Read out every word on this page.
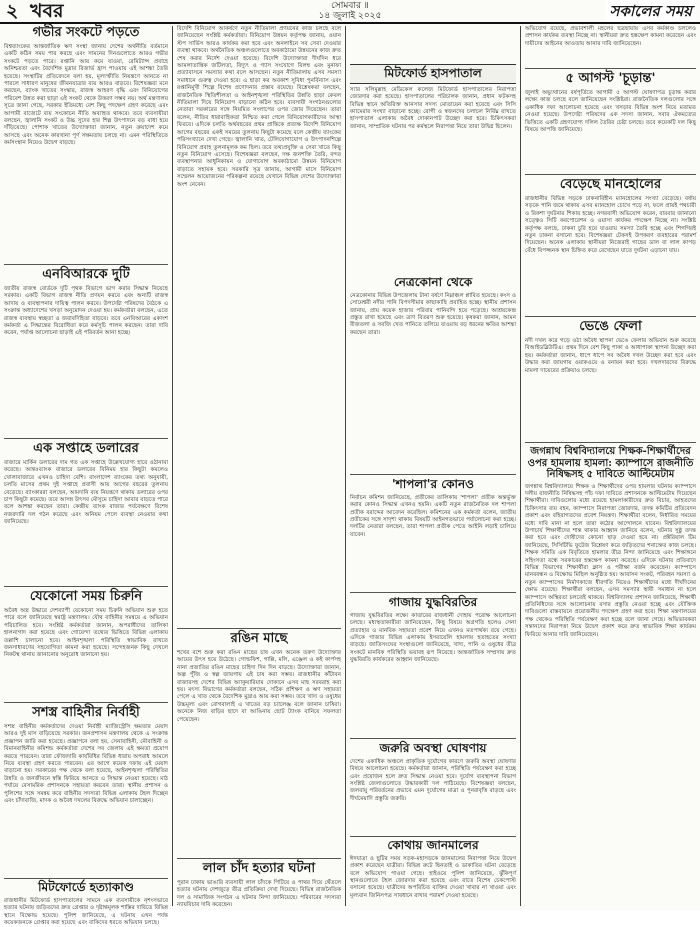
২ খবর	সোমবার ॥
১৪ জুলাই ২০২৫	সকালের সময়
গভীর সংকটে পড়তে
বিশ্বব্যাংকের আন্তর্জাতিক ঋণ সংস্থা জানায় দেশের অর্থনীতি বর্তমানে একটি কঠিন সময় পার করছে এবং সামনের দিনগুলোতে আরও গভীর সংকটে পড়তে পারে। রপ্তানি আয় কমে যাওয়া, রেমিট্যান্স প্রবাহে অনিশ্চয়তা এবং বৈদেশিক মুদ্রার রিজার্ভ হ্রাস পাওয়ায় এই আশঙ্কা তৈরি হয়েছে। সংস্থাটির প্রতিবেদনে বলা হয়, মূল্যস্ফীতি নিয়ন্ত্রণে আনতে না পারলে সাধারণ মানুষের জীবনযাত্রার ব্যয় আরও বাড়বে। বিশেষজ্ঞরা মনে করছেন, ব্যাংক খাতের সংস্কার, রাজস্ব আহরণ বৃদ্ধি এবং বিনিয়োগের পরিবেশ উন্নত করা ছাড়া এই সংকট থেকে উত্তরণ সম্ভব নয়। অর্থ মন্ত্রণালয় সূত্রে জানা গেছে, সরকার ইতিমধ্যে বেশ কিছু পদক্ষেপ গ্রহণ করেছে এবং আগামী বাজেটে ব্যয় সংকোচন নীতি অব্যাহত থাকবে। তবে ব্যবসায়ীরা বলছেন, জ্বালানি সংকট ও উচ্চ সুদের হার শিল্প উৎপাদনে বড় বাধা হয়ে দাঁড়িয়েছে। পোশাক খাতের উদ্যোক্তারা জানান, নতুন ক্রয়াদেশ কমে আসছে এবং অনেক কারখানা পূর্ণ সক্ষমতায় চলছে না। এমন পরিস্থিতিতে কর্মসংস্থান নিয়েও উদ্বেগ বাড়ছে।
এনবিআরকে দুটি
জাতীয় রাজস্ব বোর্ডকে দুটি পৃথক বিভাগে ভাগ করার সিদ্ধান্ত নিয়েছে সরকার। একটি বিভাগ রাজস্ব নীতি প্রণয়ন করবে এবং অন্যটি রাজস্ব আদায় ও ব্যবস্থাপনার দায়িত্ব পালন করবে। উপদেষ্টা পরিষদের বৈঠকে এ সংক্রান্ত অধ্যাদেশের খসড়া অনুমোদন দেওয়া হয়। কর্মকর্তারা বলছেন, এতে রাজস্ব ব্যবস্থায় স্বচ্ছতা ও জবাবদিহিতা বাড়বে। তবে এনবিআরের একাংশ কর্মকর্তা এ সিদ্ধান্তের বিরোধিতা করে কর্মসূচি পালন করছেন। তারা দাবি করেন, পর্যাপ্ত আলোচনা ছাড়াই এই পরিবর্তন আনা হচ্ছে।
এক সপ্তাহে ডলারের
বাজারে মার্কিন ডলারের দাম গত এক সপ্তাহে উল্লেখযোগ্য হারে ওঠানামা করেছে। আন্তঃব্যাংক বাজারে ডলারের বিনিময় হার কিছুটা কমলেও খোলাবাজারে এখনও চাহিদা বেশি। বাংলাদেশ ব্যাংকের তথ্য অনুযায়ী, চলতি মাসের প্রথম দুই সপ্তাহে প্রবাসী আয় আগের বছরের তুলনায় বেড়েছে। ব্যাংকাররা বলছেন, আমদানি ব্যয় নিয়ন্ত্রণে থাকায় ডলারের ওপর চাপ কিছুটা কমেছে। তবে আসন্ন উৎসব মৌসুমে চাহিদা আবার বাড়তে পারে বলে আশঙ্কা করছেন তারা। কেন্দ্রীয় ব্যাংক বাজার পর্যবেক্ষণে বিশেষ নজরদারি দল গঠন করেছে এবং অনিয়ম পেলে ব্যবস্থা নেওয়ার কথা জানিয়েছে।
যেকোনো সময় চিরুনি
অবৈধ অস্ত্র উদ্ধারে দেশব্যাপী যেকোনো সময় চিরুনি অভিযান শুরু হতে পারে বলে জানিয়েছে স্বরাষ্ট্র মন্ত্রণালয়। যৌথ বাহিনীর সমন্বয়ে এ অভিযান পরিচালিত হবে। সংশ্লিষ্ট কর্মকর্তারা জানান, অপরাধীদের তালিকা হালনাগাদ করা হয়েছে এবং গোয়েন্দা তথ্যের ভিত্তিতে বিভিন্ন এলাকায় তল্লাশি চালানো হবে। আইনশৃঙ্খলা পরিস্থিতি স্বাভাবিক রাখতে জনসাধারণের সহযোগিতা কামনা করা হয়েছে। সন্দেহজনক কিছু দেখলে নিকটস্থ থানায় জানানোর অনুরোধ জানানো হয়।
সশস্ত্র বাহিনীর নির্বাহী
সশস্ত্র বাহিনীর কর্মকর্তাদের দেওয়া নির্বাহী ম্যাজিস্ট্রেসি ক্ষমতার মেয়াদ আরও দুই মাস বাড়িয়েছে সরকার। জনপ্রশাসন মন্ত্রণালয় থেকে এ সংক্রান্ত প্রজ্ঞাপন জারি করা হয়েছে। প্রজ্ঞাপনে বলা হয়, সেনাবাহিনী, নৌবাহিনী ও বিমানবাহিনীর কমিশন্ড কর্মকর্তারা দেশের সব জেলায় এই ক্ষমতা প্রয়োগ করতে পারবেন। তারা ফৌজদারি কার্যবিধির বিভিন্ন ধারায় অপরাধ আমলে নিয়ে ব্যবস্থা গ্রহণ করতে পারবেন। এর আগে কয়েক দফায় এই মেয়াদ বাড়ানো হয়। সরকারের পক্ষ থেকে বলা হয়েছে, আইনশৃঙ্খলা পরিস্থিতির উন্নতি ও জনজীবনে স্বস্তি ফিরিয়ে আনতে এ সিদ্ধান্ত নেওয়া হয়েছে। মাঠ পর্যায়ে বেসামরিক প্রশাসনকে সহায়তা করবেন তারা। স্থানীয় প্রশাসন ও পুলিশের সঙ্গে সমন্বয় করে বাহিনীর সদস্যরা বিভিন্ন এলাকায় টহল দিচ্ছেন এবং চাঁদাবাজি, মাদক ও অবৈধ দখলের বিরুদ্ধে অভিযান চালাচ্ছেন।
মিটফোর্ডে হত্যাকাণ্ড
রাজধানীর মিটফোর্ড হাসপাতালের সামনে এক ব্যবসায়ীকে নৃশংসভাবে হত্যার ঘটনায় জড়িতদের দ্রুত গ্রেপ্তার ও দৃষ্টান্তমূলক শাস্তির দাবিতে বিভিন্ন স্থানে বিক্ষোভ হয়েছে। পুলিশ জানিয়েছে, এ ঘটনায় এখন পর্যন্ত কয়েকজনকে গ্রেপ্তার করা হয়েছে এবং বাকিদের ধরতে অভিযান চলছে।
বিদেশি বিনিয়োগ আকর্ষণে নতুন নীতিমালা প্রণয়নের কাজ চলছে বলে জানিয়েছেন সংশ্লিষ্ট কর্মকর্তারা। বিনিয়োগ উন্নয়ন কর্তৃপক্ষ জানায়, ওয়ান স্টপ সার্ভিস আরও কার্যকর করা হবে এবং অনলাইনে সব সেবা দেওয়ার ব্যবস্থা থাকবে। অর্থনৈতিক অঞ্চলগুলোতে অবকাঠামো উন্নয়নের কাজ দ্রুত শেষ করার নির্দেশ দেওয়া হয়েছে। বিদেশি উদ্যোক্তারা দীর্ঘদিন ধরে আমলাতান্ত্রিক জটিলতা, বিদ্যুৎ ও গ্যাস সংযোগে বিলম্ব এবং মুনাফা প্রত্যাবাসনে সমস্যার কথা বলে আসছেন। নতুন নীতিমালায় এসব সমস্যা সমাধানে গুরুত্ব দেওয়া হবে। এ ছাড়া কর অবকাশ সুবিধা পুনর্বিন্যাস এবং রপ্তানিমুখী শিল্পে বিশেষ প্রণোদনার প্রস্তাব রয়েছে। বিশ্লেষকরা বলছেন, রাজনৈতিক স্থিতিশীলতা ও আইনশৃঙ্খলা পরিস্থিতির উন্নতি ছাড়া কেবল নীতিমালা দিয়ে বিনিয়োগ বাড়ানো কঠিন হবে। ব্যবসায়ী সংগঠনগুলোর নেতারা সরকারের সঙ্গে নিয়মিত সংলাপের ওপর জোর দিয়েছেন। তারা বলেন, নীতির ধারাবাহিকতা নিশ্চিত করা গেলে বিনিয়োগকারীদের আস্থা ফিরবে। এদিকে চলতি অর্থবছরের প্রথম প্রান্তিকে প্রত্যক্ষ বিদেশি বিনিয়োগ আগের বছরের একই সময়ের তুলনায় কিছুটা কমেছে বলে কেন্দ্রীয় ব্যাংকের পরিসংখ্যানে দেখা গেছে। জ্বালানি খাত, টেলিযোগাযোগ ও উৎপাদনশিল্পে বিনিয়োগ প্রবাহ তুলনামূলক কম ছিল। তবে তথ্যপ্রযুক্তি ও সেবা খাতে কিছু নতুন বিনিয়োগ এসেছে। বিশেষজ্ঞরা বলছেন, দক্ষ জনশক্তি তৈরি, বন্দর ব্যবস্থাপনার আধুনিকায়ন ও যোগাযোগ অবকাঠামো উন্নয়ন বিনিয়োগ বাড়াতে সহায়ক হবে। সরকারি সূত্র জানায়, আগামী মাসে বিনিয়োগ সম্মেলন আয়োজনের পরিকল্পনা রয়েছে যেখানে বিভিন্ন দেশের উদ্যোক্তারা অংশ নেবেন।
লাল চাঁদ হত্যার ঘটনা
পুরান ঢাকায় ভাঙারি ব্যবসায়ী লাল চাঁদকে পিটিয়ে ও পাথর দিয়ে থেঁতলে হত্যার ঘটনায় দেশজুড়ে তীব্র প্রতিক্রিয়া দেখা দিয়েছে। বিভিন্ন রাজনৈতিক দল ও সামাজিক সংগঠন এ ঘটনার নিন্দা জানিয়েছে। পরিবারের সদস্যরা ন্যায়বিচার দাবি করেছেন।
রঙিন মাছে
শখের বশে শুরু করা রঙিন মাছের চাষ এখন অনেক তরুণ উদ্যোক্তার আয়ের উৎস হয়ে উঠেছে। গোল্ডফিশ, গাপ্পি, মলি, এঞ্জেল ও কই কার্পসহ নানা প্রজাতির রঙিন মাছের চাহিদা দিন দিন বাড়ছে। উদ্যোক্তারা জানান, অল্প পুঁজি ও স্বল্প জায়গায় এই চাষ করা সম্ভব। রাজধানীর কাঁটাবন বাজারসহ দেশের বিভিন্ন অ্যাকুয়ারিয়াম দোকানে এসব মাছ সরবরাহ করা হয়। মৎস্য বিভাগের কর্মকর্তারা বলছেন, সঠিক প্রশিক্ষণ ও ঋণ সহায়তা পেলে এ খাত থেকে বৈদেশিক মুদ্রাও আয় করা সম্ভব। তবে খাদ্য ও ওষুধের উচ্চমূল্য এবং রোগবালাই এ খাতের বড় চ্যালেঞ্জ বলে জানান চাষিরা। অনেকে নিজ বাড়ির ছাদে বা আঙিনায় ছোট ট্যাংক বানিয়ে সফলতা পেয়েছেন।
মিটফোর্ড হাসপাতাল
স্যার সলিমুল্লাহ মেডিকেল কলেজ মিটফোর্ড হাসপাতালের নিরাপত্তা জোরদার করা হয়েছে। হাসপাতালের পরিচালক জানান, প্রধান ফটকসহ বিভিন্ন স্থানে অতিরিক্ত আনসার সদস্য মোতায়েন করা হয়েছে এবং সিসি ক্যামেরার সংখ্যা বাড়ানো হচ্ছে। রোগী ও স্বজনদের চলাচল নির্বিঘ্ন রাখতে হাসপাতাল এলাকায় অবৈধ দোকানপাট উচ্ছেদ করা হবে। চিকিৎসকরা জানান, সাম্প্রতিক ঘটনার পর কর্মস্থলে নিরাপত্তা নিয়ে তারা উদ্বিগ্ন ছিলেন।
নেত্রকোনা থেকে
নেত্রকোনার বিভিন্ন উপজেলায় টানা বর্ষণে নিম্নাঞ্চল প্লাবিত হয়েছে। কংস ও সোমেশ্বরী নদীর পানি বিপদসীমার কাছাকাছি প্রবাহিত হচ্ছে। স্থানীয় প্রশাসন জানায়, প্রায় কয়েক হাজার পরিবার পানিবন্দি হয়ে পড়েছে। আশ্রয়কেন্দ্র প্রস্তুত রাখা হয়েছে এবং ত্রাণ বিতরণ শুরু হয়েছে। কৃষকরা জানান, আমন বীজতলা ও সবজি খেত পানিতে তলিয়ে যাওয়ায় বড় ধরনের ক্ষতির আশঙ্কা করছেন তারা।
'শাপলা'র কোনও
নির্বাচন কমিশন জানিয়েছে, প্রতীকের তালিকায় 'শাপলা' প্রতীক অন্তর্ভুক্ত করার কোনও সিদ্ধান্ত এখনও হয়নি। একটি নতুন রাজনৈতিক দল শাপলা প্রতীক বরাদ্দের আবেদন করেছিল। কমিশনের এক কর্মকর্তা বলেন, জাতীয় প্রতীকের সঙ্গে সাদৃশ্য থাকায় বিষয়টি আইনগতভাবে পর্যালোচনা করা হচ্ছে। দলটির নেতারা বলছেন, তারা শাপলা প্রতীক পেতে আইনি লড়াই চালিয়ে যাবেন।
গাজায় যুদ্ধবিরতির
গাজায় যুদ্ধবিরতির লক্ষ্যে কাতারের রাজধানী দোহায় পরোক্ষ আলোচনা চলছে। মধ্যস্থতাকারীরা জানিয়েছেন, কিছু বিষয়ে অগ্রগতি হলেও সেনা প্রত্যাহার ও মানবিক সহায়তা প্রবেশ নিয়ে এখনও মতপার্থক্য রয়ে গেছে। এদিকে গাজার বিভিন্ন এলাকায় ইসরায়েলি হামলায় হতাহতের সংখ্যা বাড়ছে। জাতিসংঘের সংস্থাগুলো জানিয়েছে, খাদ্য, পানি ও ওষুধের তীব্র সংকটে মানবিক পরিস্থিতি ভয়াবহ রূপ নিয়েছে। আন্তর্জাতিক সম্প্রদায় দ্রুত যুদ্ধবিরতি কার্যকরের আহ্বান জানিয়েছে।
জরুরি অবস্থা ঘোষণায়
দেশের একাধিক অঞ্চলে প্রাকৃতিক দুর্যোগের কারণে জরুরি অবস্থা ঘোষণার বিষয়ে আলোচনা হয়েছে। কর্মকর্তারা জানান, পরিস্থিতি পর্যবেক্ষণ করা হচ্ছে এবং প্রয়োজন হলে দ্রুত সিদ্ধান্ত নেওয়া হবে। দুর্যোগ ব্যবস্থাপনা বিভাগ সংশ্লিষ্ট জেলাগুলোতে উদ্ধারকারী দল পাঠিয়েছে। বিশেষজ্ঞরা বলছেন, জলবায়ু পরিবর্তনের প্রভাবে এমন দুর্যোগের মাত্রা ও পুনরাবৃত্তি বাড়ছে এবং দীর্ঘমেয়াদি প্রস্তুতি জরুরি।
কোথায় জানমালের
ঈদযাত্রা ও ছুটির সময় সড়ক-মহাসড়কে জানমালের নিরাপত্তা নিয়ে উদ্বেগ প্রকাশ করেছেন যাত্রীরা। বিভিন্ন রুটে ছিনতাই ও ডাকাতির ঘটনা বেড়েছে বলে অভিযোগ পাওয়া গেছে। হাইওয়ে পুলিশ জানিয়েছে, ঝুঁকিপূর্ণ স্থানগুলোতে টহল জোরদার করা হয়েছে এবং রাতে বিশেষ চেকপোস্ট বসানো হয়েছে। যাত্রীদের অপরিচিত ব্যক্তির দেওয়া খাবার না খাওয়া এবং মূল্যবান জিনিসপত্র সাবধানে রাখার পরামর্শ দেওয়া হয়েছে।
অভিযোগ রয়েছে, প্রভাবশালী মহলের ছত্রছায়ায় এসব কর্মকাণ্ড চললেও প্রশাসন কার্যকর ব্যবস্থা নিচ্ছে না। স্থানীয়রা দ্রুত হস্তক্ষেপ কামনা করেছেন এবং দায়ীদের আইনের আওতায় আনার দাবি জানিয়েছেন।
৫ আগস্ট 'চূড়ান্ত'
জুলাই অভ্যুত্থানের বর্ষপূর্তিতে আগামী ৫ আগস্ট ঘোষণাপত্র চূড়ান্ত করার লক্ষ্যে কাজ চলছে বলে জানিয়েছেন সংশ্লিষ্টরা। রাজনৈতিক দলগুলোর সঙ্গে একাধিক দফা আলোচনা হয়েছে এবং খসড়ার বিভিন্ন অংশ নিয়ে মতামত নেওয়া হয়েছে। উপদেষ্টা পরিষদের এক সদস্য জানান, সবার ঐকমত্যের ভিত্তিতে একটি গ্রহণযোগ্য দলিল তৈরির চেষ্টা চলছে। তবে কয়েকটি দল কিছু বিষয়ে আপত্তি জানিয়েছে।
বেড়েছে মানহোলের
রাজধানীর বিভিন্ন সড়কে ঢাকনাবিহীন ম্যানহোলের সংখ্যা বেড়েছে। বর্ষায় সড়কে পানি জমে থাকায় এসব ম্যানহোল চোখে পড়ে না, ফলে প্রায়ই পথচারী ও রিকশা দুর্ঘটনার শিকার হচ্ছে। নগরবাসী অভিযোগ করেন, বারবার জানানো সত্ত্বেও সিটি করপোরেশন ও ওয়াসা কার্যকর পদক্ষেপ নিচ্ছে না। সংশ্লিষ্ট কর্তৃপক্ষ বলছে, ঢাকনা চুরি হয়ে যাওয়ায় সমস্যা তৈরি হচ্ছে এবং শিগগিরই নতুন ঢাকনা বসানো হবে। বিশেষজ্ঞরা টেকসই উপকরণ ব্যবহারের পরামর্শ দিয়েছেন। অনেক এলাকায় স্থানীয়রা নিজেরাই গাছের ডাল বা লাল কাপড় বেঁধে বিপজ্জনক স্থান চিহ্নিত করে রেখেছেন যাতে দুর্ঘটনা এড়ানো যায়।
ভেঙে ফেলা
নদী দখল করে গড়ে ওঠা অবৈধ স্থাপনা ভেঙে ফেলার অভিযান শুরু করেছে বিআইডব্লিউটিএ। প্রথম দিনে বেশ কিছু পাকা ও আধাপাকা স্থাপনা উচ্ছেদ করা হয়। কর্মকর্তারা জানান, ধাপে ধাপে সব অবৈধ দখল উচ্ছেদ করা হবে এবং উদ্ধার করা জায়গায় ওয়াকওয়ে ও বনায়ন করা হবে। দখলদারদের বিরুদ্ধে মামলা দায়েরের প্রক্রিয়াও চলছে।
জগন্নাথ বিশ্ববিদ্যালয়ে শিক্ষক-শিক্ষার্থীদের ওপর হামলায় হামলা: ক্যাম্পাসে রাজনীতি নিষিদ্ধসহ ৫ দাবিতে আল্টিমেটাম
জগন্নাথ বিশ্ববিদ্যালয়ে শিক্ষক ও শিক্ষার্থীদের ওপর হামলার ঘটনায় ক্যাম্পাসে দলীয় রাজনীতি নিষিদ্ধসহ পাঁচ দফা দাবিতে প্রশাসনকে আল্টিমেটাম দিয়েছেন শিক্ষার্থীরা। দাবিগুলোর মধ্যে রয়েছে হামলাকারীদের দ্রুত বিচার, আহতদের চিকিৎসার ব্যয় বহন, ক্যাম্পাসে নিরাপত্তা জোরদার, তদন্ত কমিটির প্রতিবেদন প্রকাশ এবং বহিরাগতদের প্রবেশ নিয়ন্ত্রণ। শিক্ষার্থীরা বলেন, নির্ধারিত সময়ের মধ্যে দাবি মানা না হলে তারা কঠোর আন্দোলনে যাবেন। বিশ্ববিদ্যালয়ের উপাচার্য শিক্ষার্থীদের শান্ত থাকার আহ্বান জানিয়ে বলেন, ঘটনার সুষ্ঠু তদন্ত করা হবে এবং দোষীদের কোনো ছাড় দেওয়া হবে না। প্রক্টরিয়াল টিম জানিয়েছে, সিসিটিভি ফুটেজ বিশ্লেষণ করে জড়িতদের শনাক্তের কাজ চলছে। শিক্ষক সমিতি এক বিবৃতিতে হামলার তীব্র নিন্দা জানিয়েছে এবং শিক্ষাঙ্গনে সহিংসতা বন্ধে সরকারের হস্তক্ষেপ কামনা করেছে। এদিকে ঘটনার প্রতিবাদে বিভিন্ন বিভাগের শিক্ষার্থীরা ক্লাস ও পরীক্ষা বর্জন করেছেন। ক্যাম্পাসে মানববন্ধন ও বিক্ষোভ মিছিল অনুষ্ঠিত হয়। আবাসন সংকট, পরিবহন সমস্যা ও নতুন ক্যাম্পাসের নির্মাণকাজে ধীরগতি নিয়েও শিক্ষার্থীদের মধ্যে দীর্ঘদিনের ক্ষোভ রয়েছে। শিক্ষার্থীরা বলছেন, এসব সমস্যার স্থায়ী সমাধান না হলে ক্যাম্পাসে অস্থিরতা চলতেই থাকবে। বিশ্ববিদ্যালয় প্রশাসন জানিয়েছে, শিক্ষার্থী প্রতিনিধিদের সঙ্গে আলোচনায় বসার প্রস্তুতি নেওয়া হচ্ছে এবং যৌক্তিক দাবিগুলো বাস্তবায়নে প্রয়োজনীয় পদক্ষেপ গ্রহণ করা হবে। শিক্ষা মন্ত্রণালয়ের পক্ষ থেকেও পরিস্থিতি পর্যবেক্ষণ করা হচ্ছে বলে জানা গেছে। অভিভাবকরা সন্তানদের নিরাপত্তা নিয়ে উদ্বেগ প্রকাশ করে দ্রুত স্বাভাবিক শিক্ষা কার্যক্রম ফিরিয়ে আনার দাবি জানিয়েছেন।
